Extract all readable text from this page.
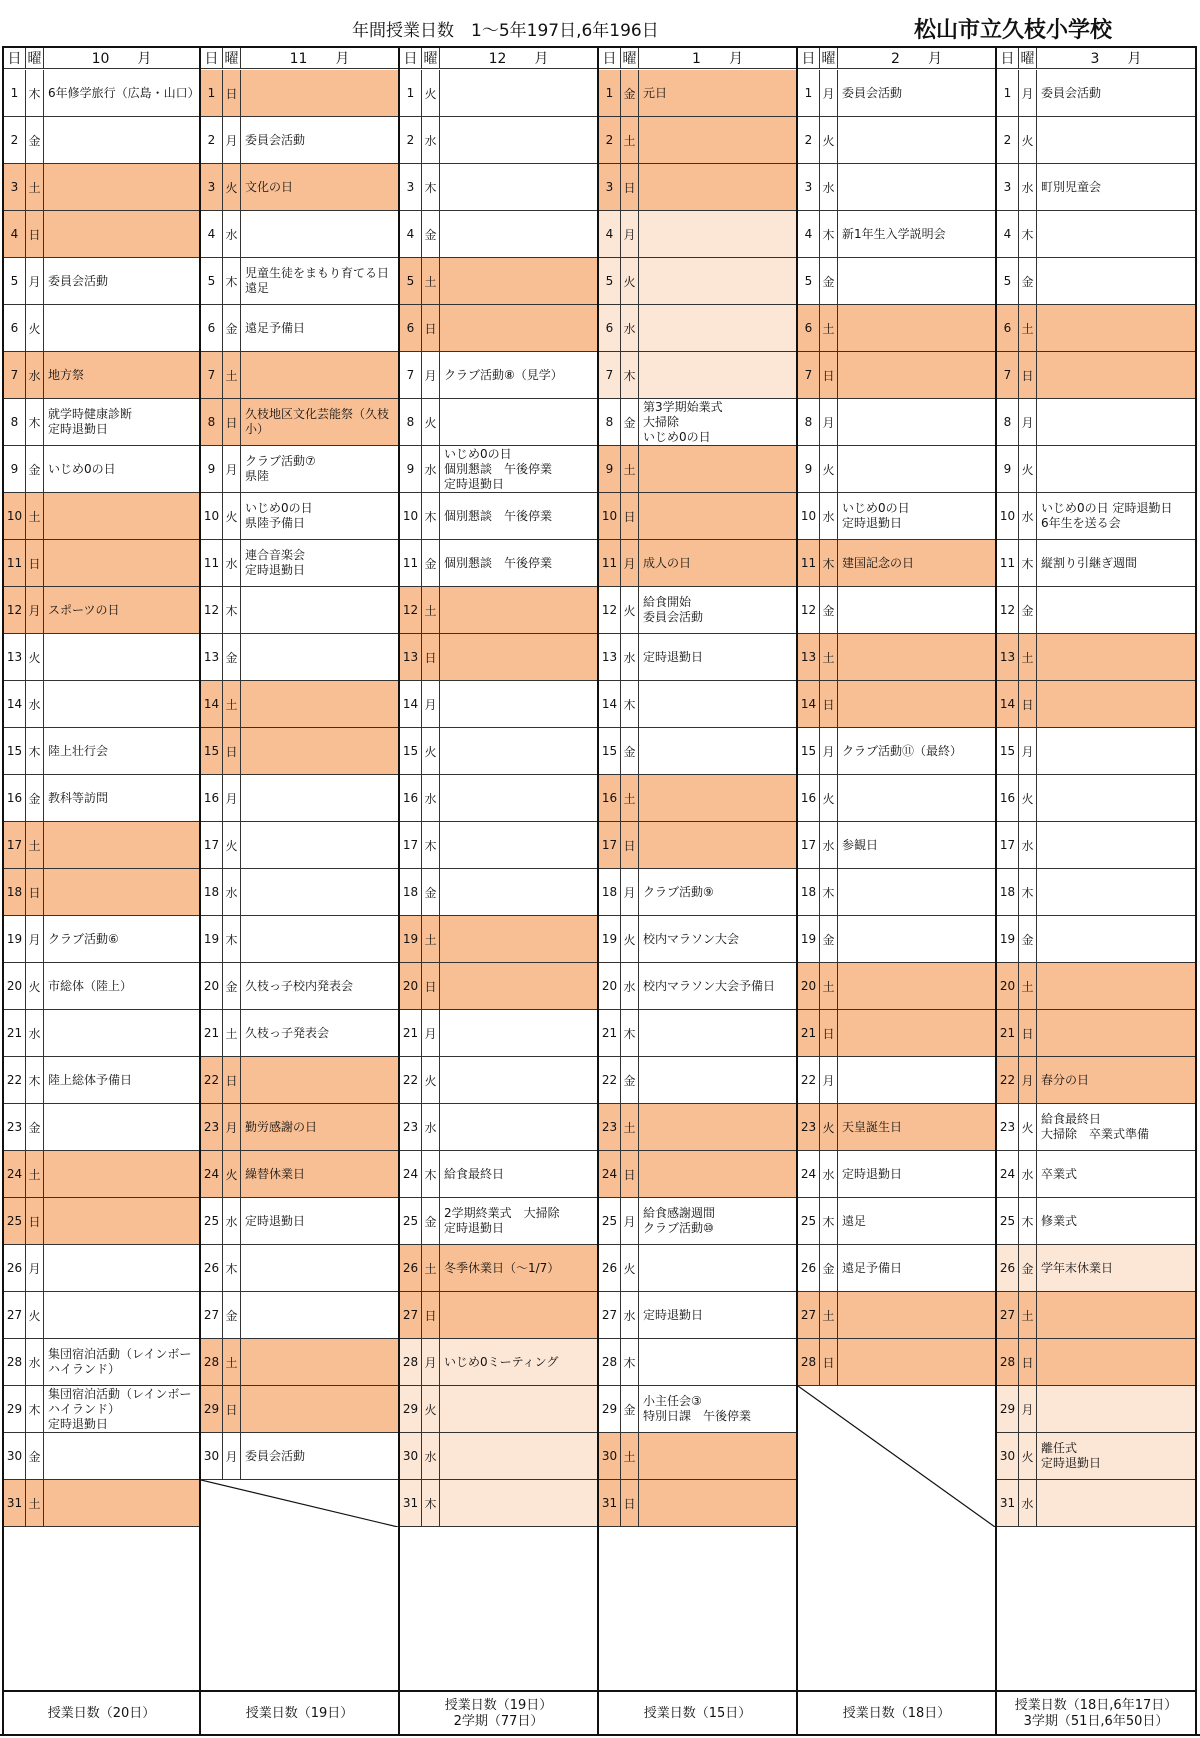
年間授業日数　1〜5年197日,6年196日	松山市立久枝小学校
日 曜	10　　月
1 木 6年修学旅行（広島・山口）
2 金
3 土
4 日
5 月 委員会活動
6 火
7 水 地方祭
8 木
就学時健康診断
定時退勤日
9 金 いじめ0の日
10 土
11 日
12 月 スポーツの日
13 火
14 水
15 木 陸上壮行会
16 金 教科等訪問
17 土
18 日
19 月 クラブ活動⑥
20 火 市総体（陸上）
21 水
22 木 陸上総体予備日
23 金
24 土
25 日
26 月
27 火
28 水
集団宿泊活動（レインボー
ハイランド）
29 木
集団宿泊活動（レインボー
ハイランド）
定時退勤日
30 金
31 土
授業日数（20日）
日 曜	11　　月
1 日
2 月 委員会活動
3 火 文化の日
4 水
5 木
児童生徒をまもり育てる日
遠足
6 金 遠足予備日
7 土
8 日
久枝地区文化芸能祭（久枝
小）
9 月
クラブ活動⑦
県陸
10 火
いじめ0の日
県陸予備日
11 水
連合音楽会
定時退勤日
12 木
13 金
14 土
15 日
16 月
17 火
18 水
19 木
20 金 久枝っ子校内発表会
21 土 久枝っ子発表会
22 日
23 月 勤労感謝の日
24 火 繰替休業日
25 水 定時退勤日
26 木
27 金
28 土
29 日
30 月 委員会活動
授業日数（19日）
日 曜	12　　月
1 火
2 水
3 木
4 金
5 土
6 日
7 月 クラブ活動⑧（見学）
8 火
9 水
いじめ0の日
個別懇談　午後停業
定時退勤日
10 木 個別懇談　午後停業
11 金 個別懇談　午後停業
12 土
13 日
14 月
15 火
16 水
17 木
18 金
19 土
20 日
21 月
22 火
23 水
24 木 給食最終日
25 金
2学期終業式　大掃除
定時退勤日
26 土 冬季休業日（〜1/7）
27 日
28 月 いじめ0ミーティング
29 火
30 水
31 木
授業日数（19日）
2学期（77日）
日 曜	1　　月
1 金 元日
2 土
3 日
4 月
5 火
6 水
7 木
8 金
第3学期始業式
大掃除
いじめ0の日
9 土
10 日
11 月 成人の日
12 火
給食開始
委員会活動
13 水 定時退勤日
14 木
15 金
16 土
17 日
18 月 クラブ活動⑨
19 火 校内マラソン大会
20 水 校内マラソン大会予備日
21 木
22 金
23 土
24 日
25 月
給食感謝週間
クラブ活動⑩
26 火
27 水 定時退勤日
28 木
29 金
小主任会③
特別日課　午後停業
30 土
31 日
授業日数（15日）
日 曜	2　　月
1 月 委員会活動
2 火
3 水
4 木 新1年生入学説明会
5 金
6 土
7 日
8 月
9 火
10 水
いじめ0の日
定時退勤日
11 木 建国記念の日
12 金
13 土
14 日
15 月 クラブ活動⑪（最終）
16 火
17 水 参観日
18 木
19 金
20 土
21 日
22 月
23 火 天皇誕生日
24 水 定時退勤日
25 木 遠足
26 金 遠足予備日
27 土
28 日
授業日数（18日）
日 曜	3　　月
1 月 委員会活動
2 火
3 水 町別児童会
4 木
5 金
6 土
7 日
8 月
9 火
10 水
いじめ0の日 定時退勤日
6年生を送る会
11 木 縦割り引継ぎ週間
12 金
13 土
14 日
15 月
16 火
17 水
18 木
19 金
20 土
21 日
22 月 春分の日
23 火
給食最終日
大掃除　卒業式準備
24 水 卒業式
25 木 修業式
26 金 学年末休業日
27 土
28 日
29 月
30 火
離任式
定時退勤日
31 水
授業日数（18日,6年17日）
3学期（51日,6年50日）
